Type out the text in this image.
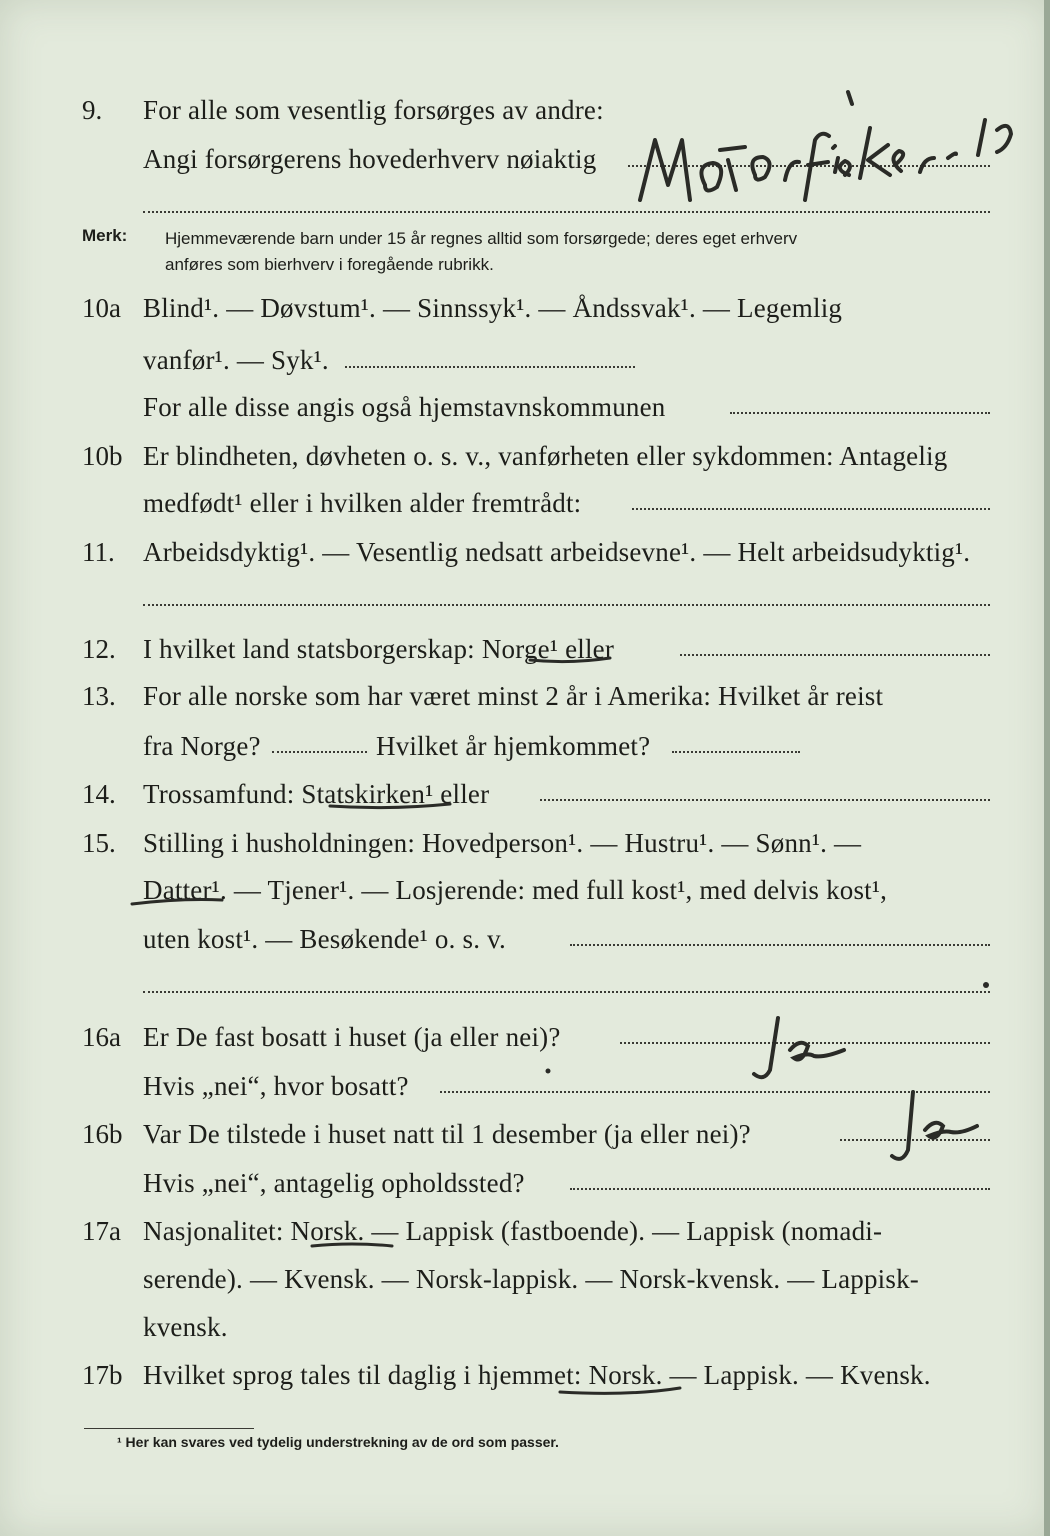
9. For alle som vesentlig forsørges av andre:
Angi forsørgerens hovederhverv nøiaktig
Merk: Hjemmeværende barn under 15 år regnes alltid som forsørgede; deres eget erhverv
anføres som bierhverv i foregående rubrikk.
10a Blind¹. — Døvstum¹. — Sinnssyk¹. — Åndssvak¹. — Legemlig
vanfør¹. — Syk¹.
For alle disse angis også hjemstavnskommunen
10b Er blindheten, døvheten o. s. v., vanførheten eller sykdommen: Antagelig
medfødt¹ eller i hvilken alder fremtrådt:
11. Arbeidsdyktig¹. — Vesentlig nedsatt arbeidsevne¹. — Helt arbeidsudyktig¹.
12. I hvilket land statsborgerskap: Norge¹ eller
13. For alle norske som har været minst 2 år i Amerika: Hvilket år reist
fra Norge?	Hvilket år hjemkommet?
14. Trossamfund: Statskirken¹ eller
15. Stilling i husholdningen: Hovedperson¹. — Hustru¹. — Sønn¹. —
Datter¹. — Tjener¹. — Losjerende: med full kost¹, med delvis kost¹,
uten kost¹. — Besøkende¹ o. s. v.
16a Er De fast bosatt i huset (ja eller nei)?
Hvis „nei“, hvor bosatt?
16b Var De tilstede i huset natt til 1 desember (ja eller nei)?
Hvis „nei“, antagelig opholdssted?
17a Nasjonalitet: Norsk. — Lappisk (fastboende). — Lappisk (nomadi-
serende). — Kvensk. — Norsk-lappisk. — Norsk-kvensk. — Lappisk-
kvensk.
17b Hvilket sprog tales til daglig i hjemmet: Norsk. — Lappisk. — Kvensk.
¹ Her kan svares ved tydelig understrekning av de ord som passer.
